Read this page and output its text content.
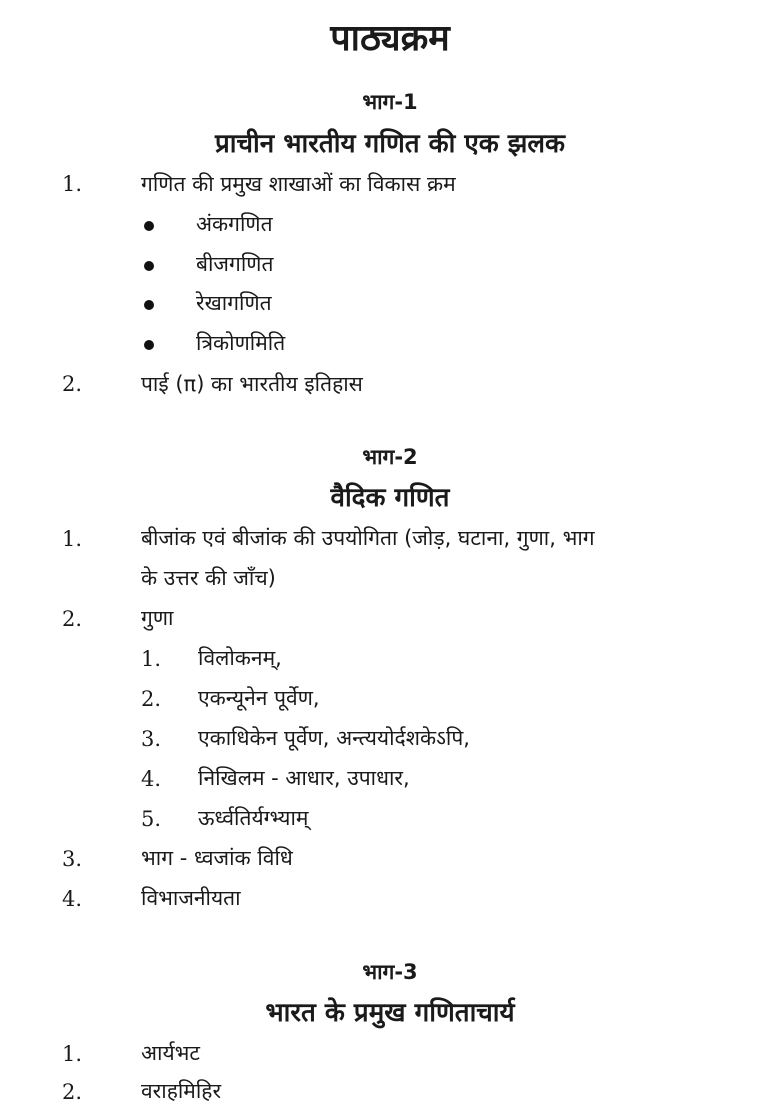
पाठ्यक्रम
भाग-1
प्राचीन भारतीय गणित की एक झलक
1.	गणित की प्रमुख शाखाओं का विकास क्रम
अंकगणित
बीजगणित
रेखागणित
त्रिकोणमिति
2.	पाई (π) का भारतीय इतिहास
भाग-2
वैदिक गणित
1.	बीजांक एवं बीजांक की उपयोगिता (जोड़, घटाना, गुणा, भाग
के उत्तर की जाँच)
2.	गुणा
1. विलोकनम्,
2. एकन्यूनेन पूर्वेण,
3. एकाधिकेन पूर्वेण, अन्त्ययोर्दशकेऽपि,
4. निखिलम - आधार, उपाधार,
5. ऊर्ध्वतिर्यग्भ्याम्
3.	भाग - ध्वजांक विधि
4.	विभाजनीयता
भाग-3
भारत के प्रमुख गणिताचार्य
1.	आर्यभट
2.	वराहमिहिर
